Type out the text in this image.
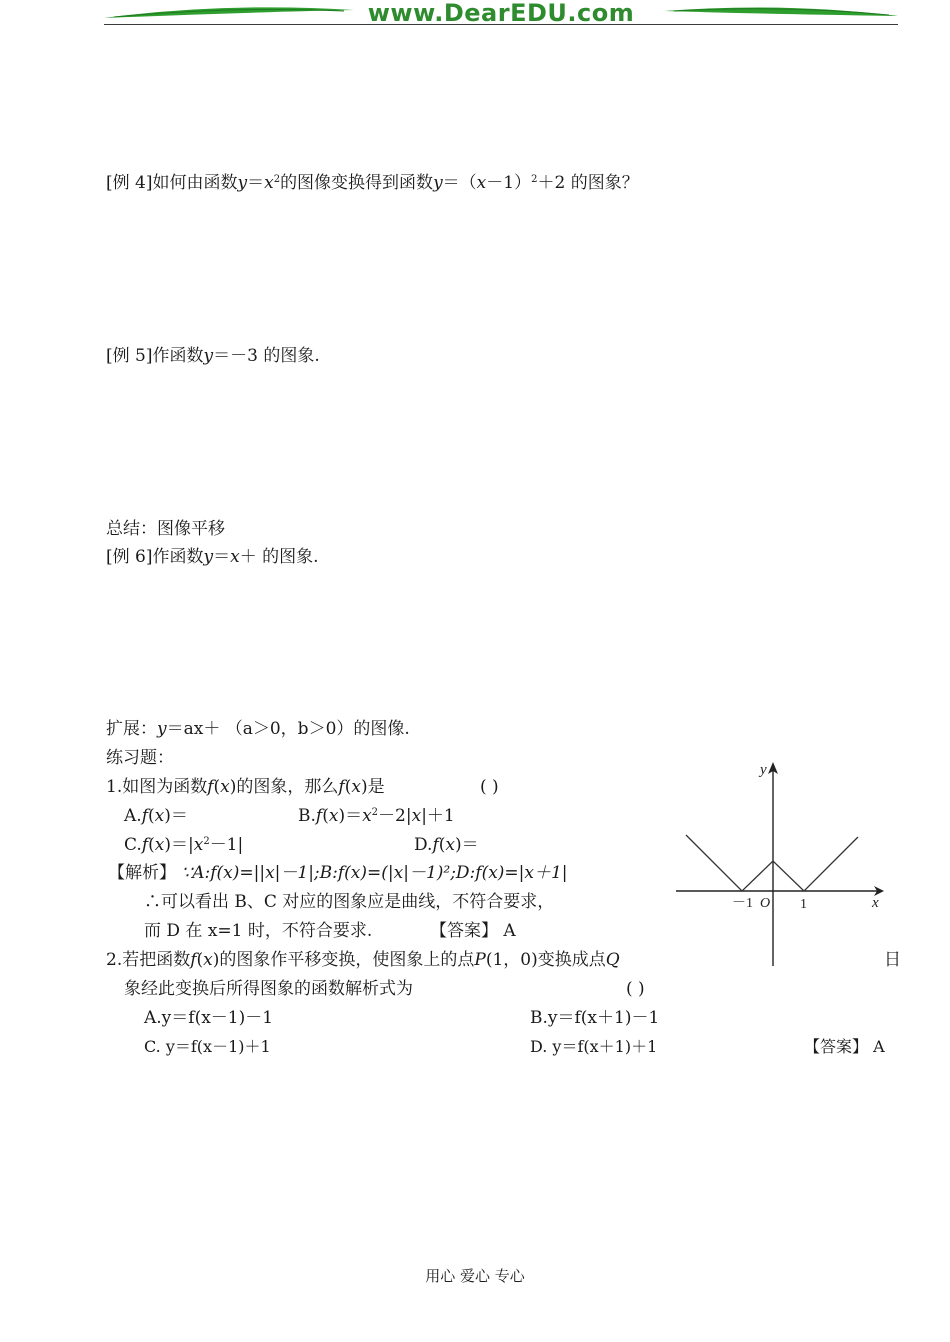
www.DearEDU.com
[例 4]如何由函数$y=x^2$的图像变换得到函数$y=(x-1)^2+2$ 的图象？
[例 5]作函数y＝－3 的图象.
总结：图像平移
[例 6]作函数y＝x＋ 的图象.
扩展：y＝ax＋ （a＞0，b＞0）的图像.
练习题：
1.如图为函数f(x)的图象，那么f(x)是	( )
A.f(x)＝	$B.f(x)=x^2-2|x|+1$
$C.f(x)=|x^2-1|$	D.f(x)＝
【解析】 ∵A:f(x)=||x|－1|;B:f(x)=(|x|－1)²;D:f(x)=|x＋1|
∴可以看出 B、C 对应的图象应是曲线，不符合要求，
而 D 在 x=1 时，不符合要求.	【答案】 A
2.若把函数f(x)的图象作平移变换，使图象上的点P(1，0)变换成点Q	日
象经此变换后所得图象的函数解析式为	( )
A.y＝f(x－1)－1	B.y＝f(x＋1)－1
C. y＝f(x－1)＋1	D. y＝f(x＋1)＋1	【答案】 A
y
x
－1 O 1
用心 爱心 专心
